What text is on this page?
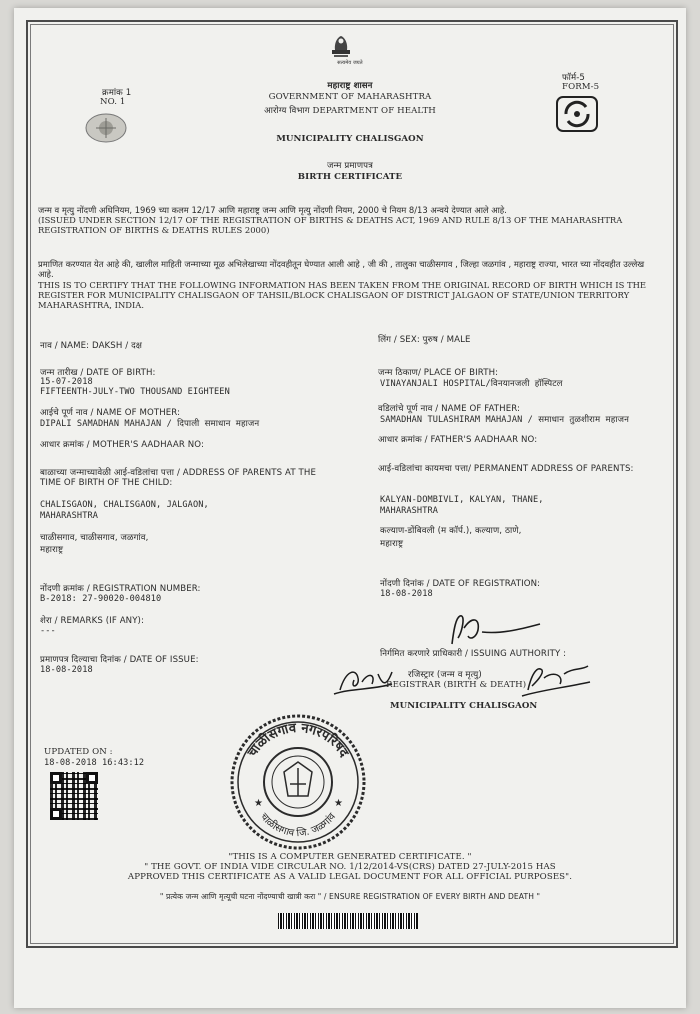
सत्यमेव जयते
क्रमांक 1
NO. 1
महाराष्ट्र शासन
GOVERNMENT OF MAHARASHTRA
आरोग्य विभाग DEPARTMENT OF HEALTH
फॉर्म-5
FORM-5
MUNICIPALITY CHALISGAON
जन्म प्रमाणपत्र
BIRTH CERTIFICATE
जन्म व मृत्यु नोंदणी अधिनियम, 1969 च्या कलम 12/17 आणि महाराष्ट्र जन्म आणि मृत्यु नोंदणी नियम, 2000 चे नियम 8/13 अन्वये देण्यात आले आहे.
(ISSUED UNDER SECTION 12/17 OF THE REGISTRATION OF BIRTHS & DEATHS ACT, 1969 AND RULE 8/13 OF THE MAHARASHTRA REGISTRATION OF BIRTHS & DEATHS RULES 2000)
प्रमाणित करण्यात येत आहे की, खालील माहिती जन्माच्या मूळ अभिलेखाच्या नोंदवहीतून घेण्यात आली आहे , जी की , तालुका चाळीसगाव , जिल्हा जळगांव , महाराष्ट्र राज्या, भारत च्या नोंदवहीत उल्लेख आहे.
THIS IS TO CERTIFY THAT THE FOLLOWING INFORMATION HAS BEEN TAKEN FROM THE ORIGINAL RECORD OF BIRTH WHICH IS THE REGISTER FOR MUNICIPALITY CHALISGAON OF TAHSIL/BLOCK CHALISGAON OF DISTRICT JALGAON OF STATE/UNION TERRITORY MAHARASHTRA, INDIA.
नाव / NAME: DAKSH / दक्ष
लिंग / SEX: पुरुष / MALE
जन्म तारीख / DATE OF BIRTH:
15-07-2018
FIFTEENTH-JULY-TWO THOUSAND EIGHTEEN
जन्म ठिकाण/ PLACE OF BIRTH:
VINAYANJALI HOSPITAL/विनयानजली हॉस्पिटल
आईचे पूर्ण नाव / NAME OF MOTHER:
DIPALI SAMADHAN MAHAJAN / दिपाली समाधान महाजन
वडिलांचे पूर्ण नाव / NAME OF FATHER:
SAMADHAN TULASHIRAM MAHAJAN / समाधान तुळशीराम महाजन
आधार क्रमांक / MOTHER'S AADHAAR NO:	आधार क्रमांक / FATHER'S AADHAAR NO:
बाळाच्या जन्माच्यावेळी आई-वडिलांचा पत्ता / ADDRESS OF PARENTS AT THE
TIME OF BIRTH OF THE CHILD:
CHALISGAON, CHALISGAON, JALGAON,
MAHARASHTRA
चाळीसगाव, चाळीसगाव, जळगांव,
महाराष्ट्र
आई-वडिलांचा कायमचा पत्ता/ PERMANENT ADDRESS OF PARENTS:
KALYAN-DOMBIVLI, KALYAN, THANE,
MAHARASHTRA
कल्याण-डोंबिवली (म कॉर्प.), कल्याण, ठाणे,
महाराष्ट्र
नोंदणी क्रमांक / REGISTRATION NUMBER:
B-2018: 27-90020-004810
नोंदणी दिनांक / DATE OF REGISTRATION:
18-08-2018
शेरा / REMARKS (IF ANY):
---
प्रमाणपत्र दिल्याचा दिनांक / DATE OF ISSUE:
18-08-2018
निर्गमित करणारे प्राधिकारी / ISSUING AUTHORITY :
रजिस्ट्रार (जन्म व मृत्यु)
REGISTRAR (BIRTH & DEATH)
MUNICIPALITY CHALISGAON
UPDATED ON :
18-08-2018 16:43:12
चाळीसगाव नगरपरिषद
चाळीसगाव जि. जळगांव
★	★
"THIS IS A COMPUTER GENERATED CERTIFICATE. "
" THE GOVT. OF INDIA VIDE CIRCULAR NO. 1/12/2014-VS(CRS) DATED 27-JULY-2015 HAS
APPROVED THIS CERTIFICATE AS A VALID LEGAL DOCUMENT FOR ALL OFFICIAL PURPOSES".
" प्रत्येक जन्म आणि मृत्यूची घटना नोंदण्याची खात्री करा " / ENSURE REGISTRATION OF EVERY BIRTH AND DEATH "
